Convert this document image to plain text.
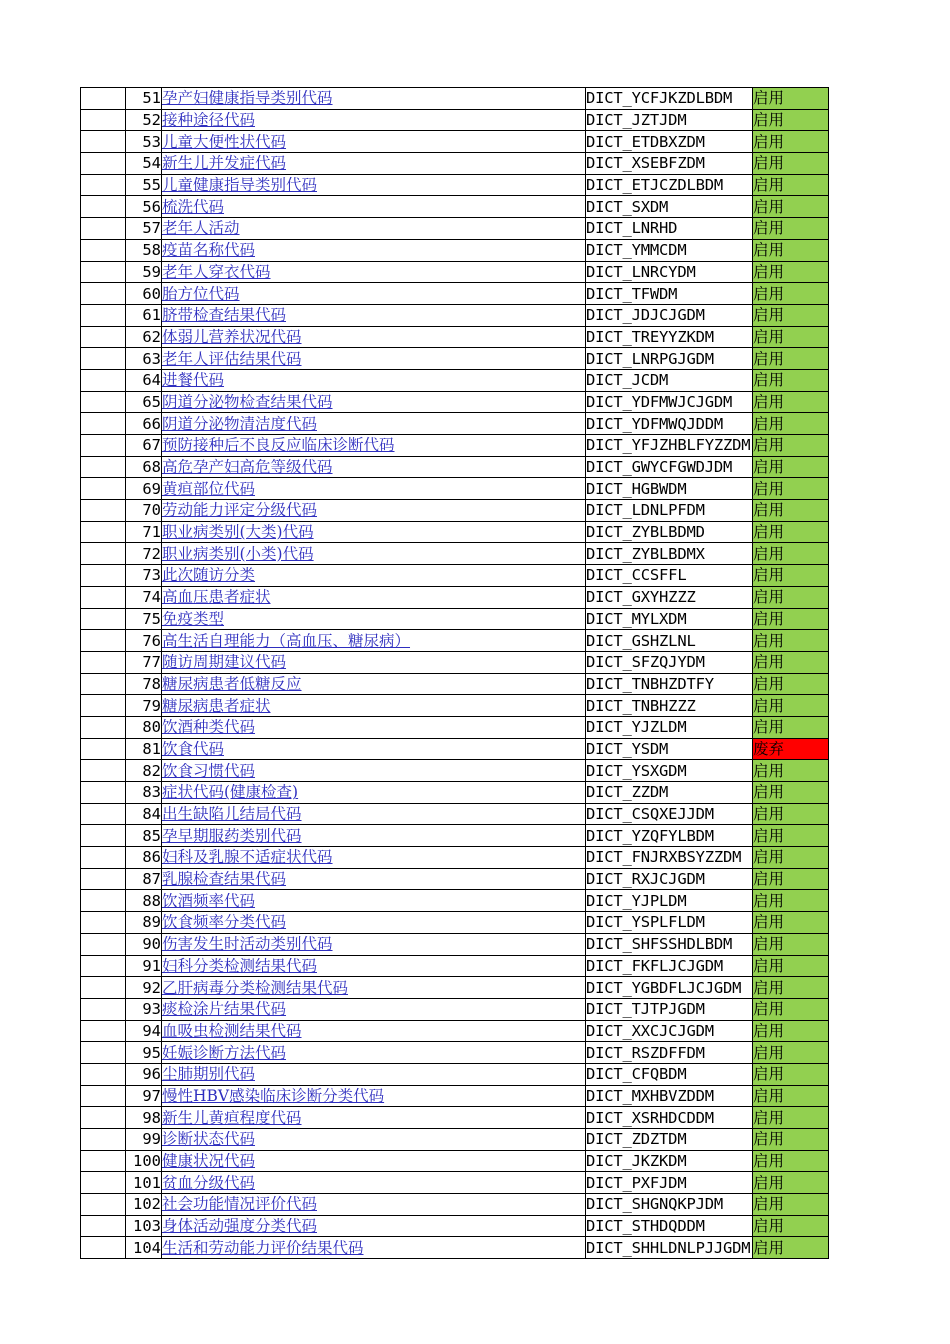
	51	孕产妇健康指导类别代码	DICT_YCFJKZDLBDM	启用
	52	接种途径代码	DICT_JZTJDM	启用
	53	儿童大便性状代码	DICT_ETDBXZDM	启用
	54	新生儿并发症代码	DICT_XSEBFZDM	启用
	55	儿童健康指导类别代码	DICT_ETJCZDLBDM	启用
	56	梳洗代码	DICT_SXDM	启用
	57	老年人活动	DICT_LNRHD	启用
	58	疫苗名称代码	DICT_YMMCDM	启用
	59	老年人穿衣代码	DICT_LNRCYDM	启用
	60	胎方位代码	DICT_TFWDM	启用
	61	脐带检查结果代码	DICT_JDJCJGDM	启用
	62	体弱儿营养状况代码	DICT_TREYYZKDM	启用
	63	老年人评估结果代码	DICT_LNRPGJGDM	启用
	64	进餐代码	DICT_JCDM	启用
	65	阴道分泌物检查结果代码	DICT_YDFMWJCJGDM	启用
	66	阴道分泌物清洁度代码	DICT_YDFMWQJDDM	启用
	67	预防接种后不良反应临床诊断代码	DICT_YFJZHBLFYZZDM	启用
	68	高危孕产妇高危等级代码	DICT_GWYCFGWDJDM	启用
	69	黄疸部位代码	DICT_HGBWDM	启用
	70	劳动能力评定分级代码	DICT_LDNLPFDM	启用
	71	职业病类别(大类)代码	DICT_ZYBLBDMD	启用
	72	职业病类别(小类)代码	DICT_ZYBLBDMX	启用
	73	此次随访分类	DICT_CCSFFL	启用
	74	高血压患者症状	DICT_GXYHZZZ	启用
	75	免疫类型	DICT_MYLXDM	启用
	76	高生活自理能力（高血压、糖尿病）	DICT_GSHZLNL	启用
	77	随访周期建议代码	DICT_SFZQJYDM	启用
	78	糖尿病患者低糖反应	DICT_TNBHZDTFY	启用
	79	糖尿病患者症状	DICT_TNBHZZZ	启用
	80	饮酒种类代码	DICT_YJZLDM	启用
	81	饮食代码	DICT_YSDM	废弃
	82	饮食习惯代码	DICT_YSXGDM	启用
	83	症状代码(健康检查)	DICT_ZZDM	启用
	84	出生缺陷儿结局代码	DICT_CSQXEJJDM	启用
	85	孕早期服药类别代码	DICT_YZQFYLBDM	启用
	86	妇科及乳腺不适症状代码	DICT_FNJRXBSYZZDM	启用
	87	乳腺检查结果代码	DICT_RXJCJGDM	启用
	88	饮酒频率代码	DICT_YJPLDM	启用
	89	饮食频率分类代码	DICT_YSPLFLDM	启用
	90	伤害发生时活动类别代码	DICT_SHFSSHDLBDM	启用
	91	妇科分类检测结果代码	DICT_FKFLJCJGDM	启用
	92	乙肝病毒分类检测结果代码	DICT_YGBDFLJCJGDM	启用
	93	痰检涂片结果代码	DICT_TJTPJGDM	启用
	94	血吸虫检测结果代码	DICT_XXCJCJGDM	启用
	95	妊娠诊断方法代码	DICT_RSZDFFDM	启用
	96	尘肺期别代码	DICT_CFQBDM	启用
	97	慢性HBV感染临床诊断分类代码	DICT_MXHBVZDDM	启用
	98	新生儿黄疸程度代码	DICT_XSRHDCDDM	启用
	99	诊断状态代码	DICT_ZDZTDM	启用
	100	健康状况代码	DICT_JKZKDM	启用
	101	贫血分级代码	DICT_PXFJDM	启用
	102	社会功能情况评价代码	DICT_SHGNQKPJDM	启用
	103	身体活动强度分类代码	DICT_STHDQDDM	启用
	104	生活和劳动能力评价结果代码	DICT_SHHLDNLPJJGDM	启用
